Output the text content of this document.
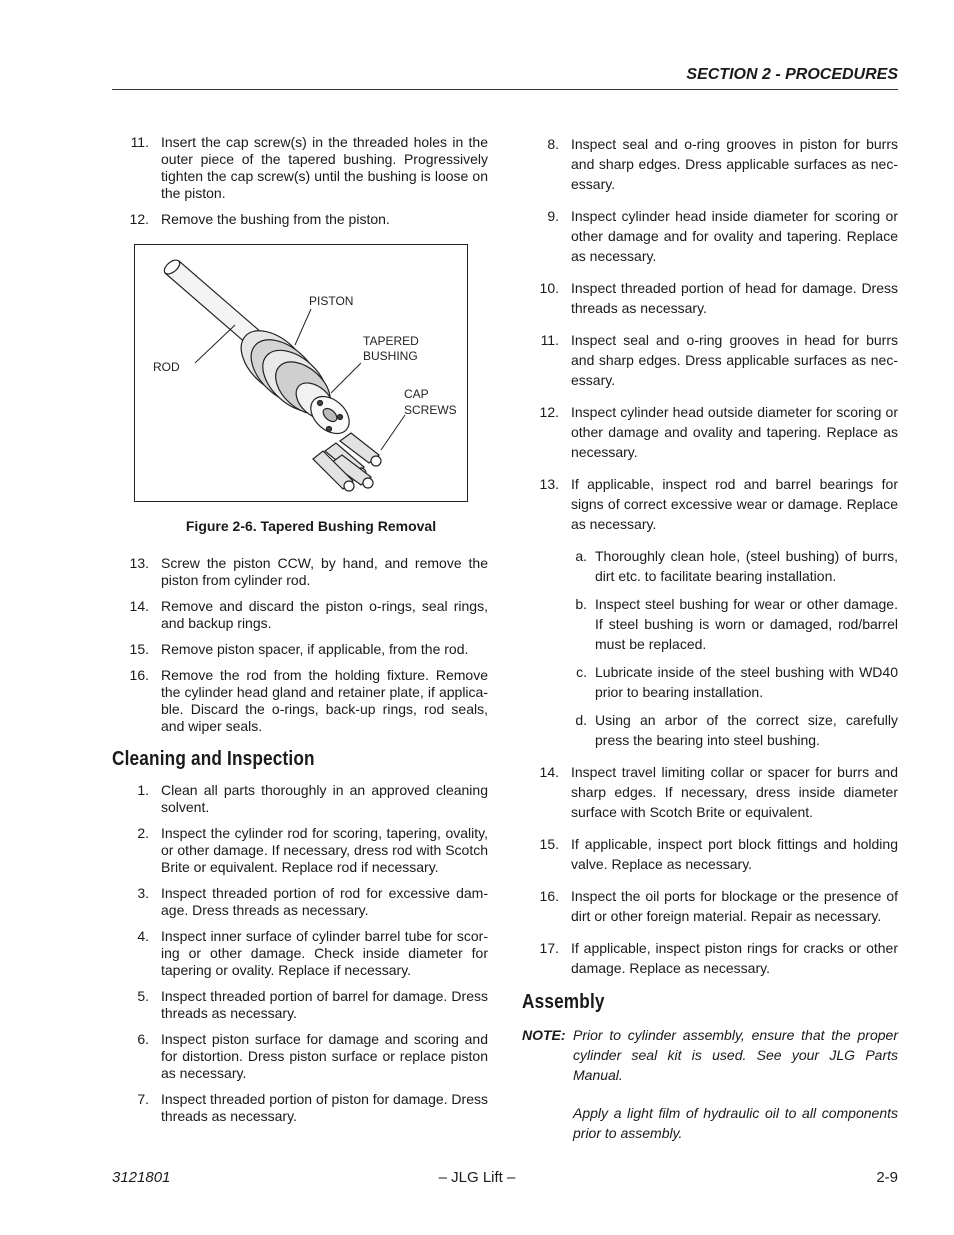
SECTION 2 - PROCEDURES
11. Insert the cap screw(s) in the threaded holes in the outer piece of the tapered bushing. Progressively tighten the cap screw(s) until the bushing is loose on the piston.
12. Remove the bushing from the piston.
PISTON
TAPERED
BUSHING
ROD
CAP
SCREWS
Figure 2-6. Tapered Bushing Removal
13. Screw the piston CCW, by hand, and remove the piston from cylinder rod.
14. Remove and discard the piston o-rings, seal rings, and backup rings.
15. Remove piston spacer, if applicable, from the rod.
16. Remove the rod from the holding fixture. Remove the cylinder head gland and retainer plate, if applica-ble. Discard the o-rings, back-up rings, rod seals, and wiper seals.
Cleaning and Inspection
1. Clean all parts thoroughly in an approved cleaning solvent.
2. Inspect the cylinder rod for scoring, tapering, ovality, or other damage. If necessary, dress rod with Scotch Brite or equivalent. Replace rod if necessary.
3. Inspect threaded portion of rod for excessive dam-age. Dress threads as necessary.
4. Inspect inner surface of cylinder barrel tube for scor-ing or other damage. Check inside diameter for tapering or ovality. Replace if necessary.
5. Inspect threaded portion of barrel for damage. Dress threads as necessary.
6. Inspect piston surface for damage and scoring and for distortion. Dress piston surface or replace piston as necessary.
7. Inspect threaded portion of piston for damage. Dress threads as necessary.
8. Inspect seal and o-ring grooves in piston for burrs and sharp edges. Dress applicable surfaces as nec-essary.
9. Inspect cylinder head inside diameter for scoring or other damage and for ovality and tapering. Replace as necessary.
10. Inspect threaded portion of head for damage. Dress threads as necessary.
11. Inspect seal and o-ring grooves in head for burrs and sharp edges. Dress applicable surfaces as nec-essary.
12. Inspect cylinder head outside diameter for scoring or other damage and ovality and tapering. Replace as necessary.
13. If applicable, inspect rod and barrel bearings for signs of correct excessive wear or damage. Replace as necessary.
a. Thoroughly clean hole, (steel bushing) of burrs, dirt etc. to facilitate bearing installation.
b. Inspect steel bushing for wear or other damage. If steel bushing is worn or damaged, rod/barrel must be replaced.
c. Lubricate inside of the steel bushing with WD40 prior to bearing installation.
d. Using an arbor of the correct size, carefully press the bearing into steel bushing.
14. Inspect travel limiting collar or spacer for burrs and sharp edges. If necessary, dress inside diameter surface with Scotch Brite or equivalent.
15. If applicable, inspect port block fittings and holding valve. Replace as necessary.
16. Inspect the oil ports for blockage or the presence of dirt or other foreign material. Repair as necessary.
17. If applicable, inspect piston rings for cracks or other damage. Replace as necessary.
Assembly
NOTE: Prior to cylinder assembly, ensure that the proper cylinder seal kit is used. See your JLG Parts Manual.

Apply a light film of hydraulic oil to all components prior to assembly.

3121801	– JLG Lift –	2-9
